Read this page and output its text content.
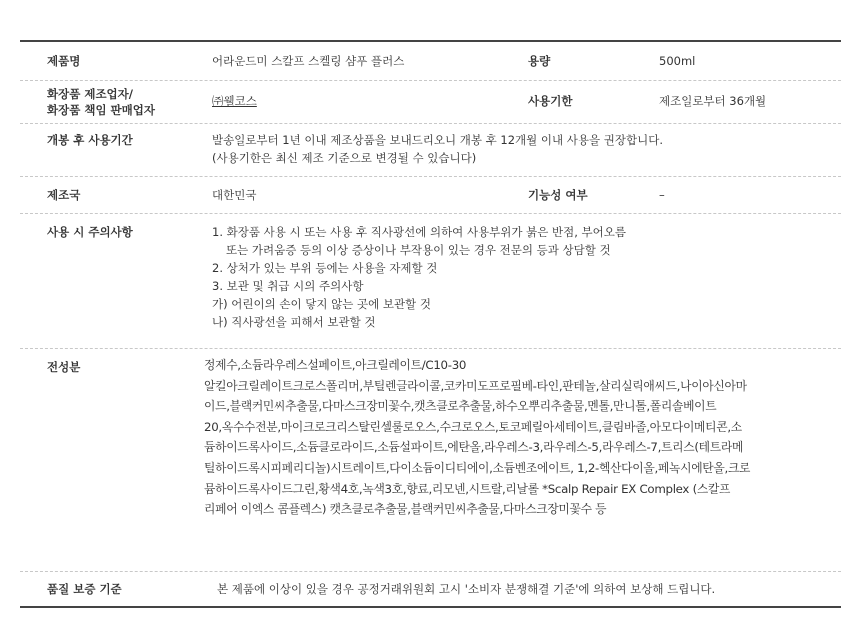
제품명	어라운드미 스칼프 스켈링 샴푸 플러스	용량	500ml
화장품 제조업자/
화장품 책임 판매업자
㈜웰코스	사용기한	제조일로부터 36개월
개봉 후 사용기간	발송일로부터 1년 이내 제조상품을 보내드리오니 개봉 후 12개월 이내 사용을 권장합니다.
(사용기한은 최신 제조 기준으로 변경될 수 있습니다)
제조국	대한민국	기능성 여부	–
사용 시 주의사항	1. 화장품 사용 시 또는 사용 후 직사광선에 의하여 사용부위가 붉은 반점, 부어오름
또는 가려움증 등의 이상 증상이나 부작용이 있는 경우 전문의 등과 상담할 것
2. 상처가 있는 부위 등에는 사용을 자제할 것
3. 보관 및 취급 시의 주의사항
가) 어린이의 손이 닿지 않는 곳에 보관할 것
나) 직사광선을 피해서 보관할 것
전성분	정제수,소듐라우레스설페이트,아크릴레이트/C10-30
알킬아크릴레이트크로스폴리머,부틸렌글라이콜,코카미도프로필베-타인,판테놀,살리실릭애씨드,나이아신아마
이드,블랙커민씨추출물,다마스크장미꽃수,캣츠클로추출물,하수오뿌리추출물,멘톨,만니톨,폴리솔베이트
20,옥수수전분,마이크로크리스탈린셀룰로오스,수크로오스,토코페릴아세테이트,클림바졸,아모다이메티콘,소
듐하이드록사이드,소듐클로라이드,소듐설파이트,에탄올,라우레스-3,라우레스-5,라우레스-7,트리스(테트라메
틸하이드록시피페리디놀)시트레이트,다이소듐이디티에이,소듐벤조에이트, 1,2-헥산다이올,페녹시에탄올,크로
뮴하이드록사이드그린,황색4호,녹색3호,향료,리모넨,시트랄,리날롤 *Scalp Repair EX Complex (스칼프
리페어 이엑스 콤플렉스) 캣츠클로추출물,블랙커민씨추출물,다마스크장미꽃수 등
품질 보증 기준	본 제품에 이상이 있을 경우 공정거래위원회 고시 '소비자 분쟁해결 기준'에 의하여 보상해 드립니다.
